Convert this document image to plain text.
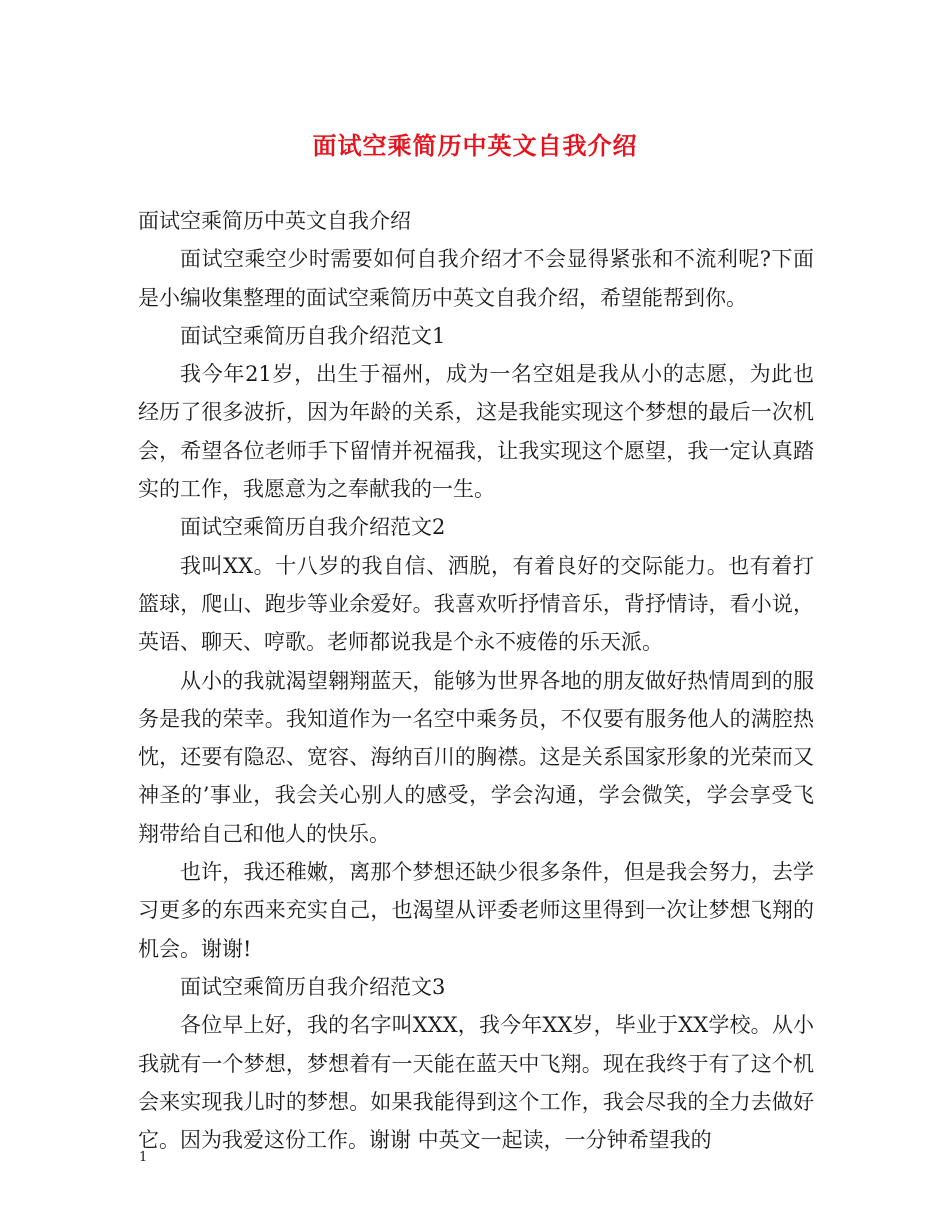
面试空乘简历中英文自我介绍

面试空乘简历中英文自我介绍

面试空乘空少时需要如何自我介绍才不会显得紧张和不流利呢?下面是小编收集整理的面试空乘简历中英文自我介绍，希望能帮到你。

面试空乘简历自我介绍范文1

我今年21岁，出生于福州，成为一名空姐是我从小的志愿，为此也经历了很多波折，因为年龄的关系，这是我能实现这个梦想的最后一次机会，希望各位老师手下留情并祝福我，让我实现这个愿望，我一定认真踏实的工作，我愿意为之奉献我的一生。

面试空乘简历自我介绍范文2

我叫XX。十八岁的我自信、洒脱，有着良好的交际能力。也有着打篮球，爬山、跑步等业余爱好。我喜欢听抒情音乐，背抒情诗，看小说，英语、聊天、哼歌。老师都说我是个永不疲倦的乐天派。

从小的我就渴望翱翔蓝天，能够为世界各地的朋友做好热情周到的服务是我的荣幸。我知道作为一名空中乘务员，不仅要有服务他人的满腔热忱，还要有隐忍、宽容、海纳百川的胸襟。这是关系国家形象的光荣而又神圣的’事业，我会关心别人的感受，学会沟通，学会微笑，学会享受飞翔带给自己和他人的快乐。

也许，我还稚嫩，离那个梦想还缺少很多条件，但是我会努力，去学习更多的东西来充实自己，也渴望从评委老师这里得到一次让梦想飞翔的机会。谢谢!

面试空乘简历自我介绍范文3

各位早上好，我的名字叫XXX，我今年XX岁，毕业于XX学校。从小我就有一个梦想，梦想着有一天能在蓝天中飞翔。现在我终于有了这个机会来实现我儿时的梦想。如果我能得到这个工作，我会尽我的全力去做好它。因为我爱这份工作。谢谢 中英文一起读，一分钟希望我的

1
